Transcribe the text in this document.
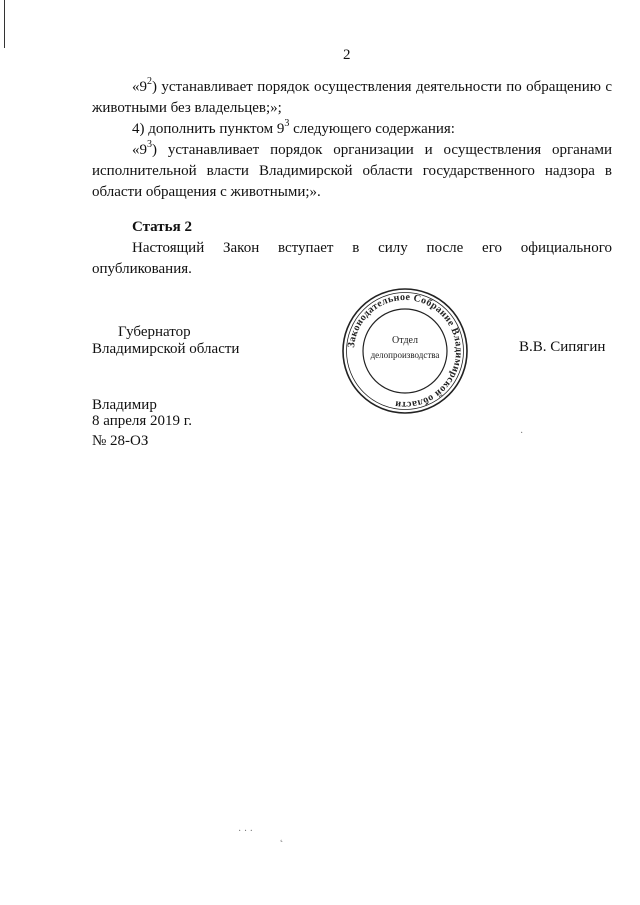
2
«$9^2$) устанавливает порядок осуществления деятельности по обращению с
животными без владельцев;»;
4) дополнить пунктом $9^3$ следующего содержания:
«$9^3$) устанавливает порядок организации и осуществления органами
исполнительной власти Владимирской области государственного надзора в
области обращения с животными;».
Статья 2
Настоящий Закон вступает в силу после его официального
опубликования.
Губернатор
Владимирской области	В.В. Сипягин
Законодательное Собрание Владимирской области
Отдел
делопроизводства
Владимир
8 апреля 2019 г.
№ 28-ОЗ	·
· · ·
˛
